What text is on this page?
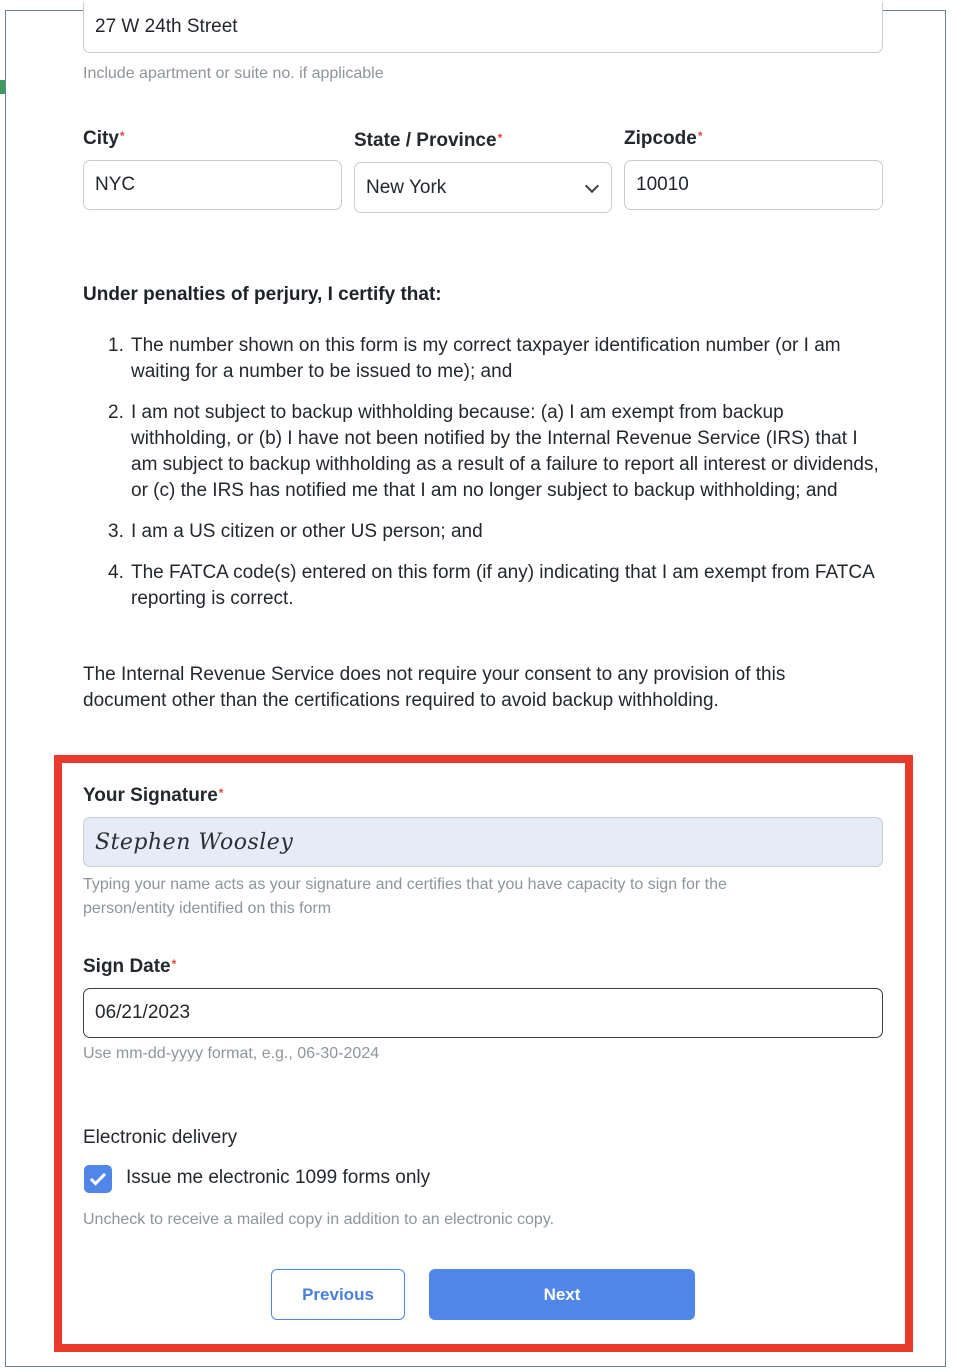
27 W 24th Street
Include apartment or suite no. if applicable
City*
NYC
State / Province*
New York
Zipcode*
10010
Under penalties of perjury, I certify that:
1. The number shown on this form is my correct taxpayer identification number (or I am waiting for a number to be issued to me); and
2. I am not subject to backup withholding because: (a) I am exempt from backup withholding, or (b) I have not been notified by the Internal Revenue Service (IRS) that I am subject to backup withholding as a result of a failure to report all interest or dividends, or (c) the IRS has notified me that I am no longer subject to backup withholding; and
3. I am a US citizen or other US person; and
4. The FATCA code(s) entered on this form (if any) indicating that I am exempt from FATCA reporting is correct.
The Internal Revenue Service does not require your consent to any provision of this document other than the certifications required to avoid backup withholding.
Your Signature*
Stephen Woosley
Typing your name acts as your signature and certifies that you have capacity to sign for the person/entity identified on this form
Sign Date*
06/21/2023
Use mm-dd-yyyy format, e.g., 06-30-2024
Electronic delivery
Issue me electronic 1099 forms only
Uncheck to receive a mailed copy in addition to an electronic copy.
Previous	Next
